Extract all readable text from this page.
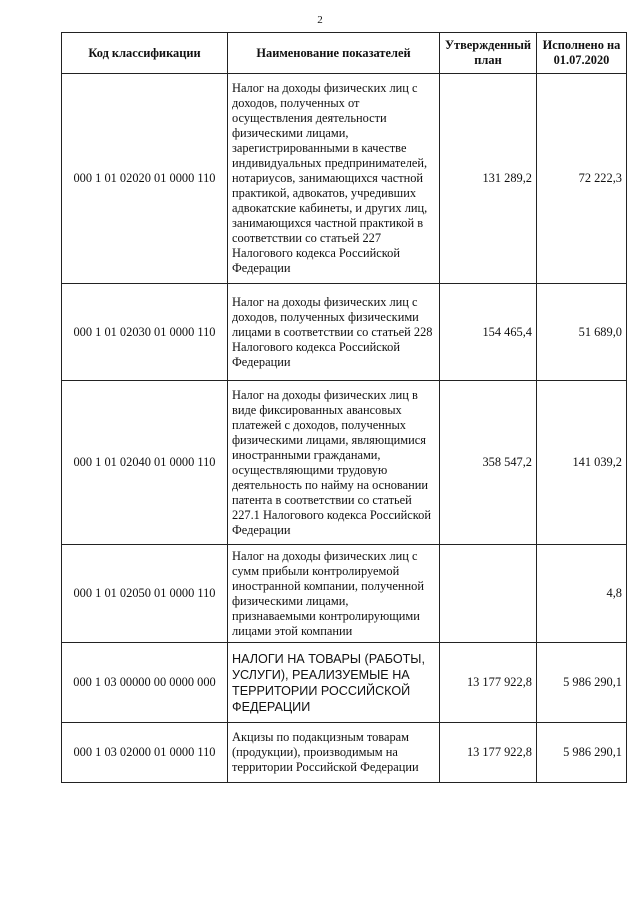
2
Код классификации	Наименование показателей	Утвержденный план	Исполнено на 01.07.2020
000 1 01 02020 01 0000 110	Налог на доходы физических лиц с доходов, полученных от осуществления деятельности физическими лицами, зарегистрированными в качестве индивидуальных предпринимателей, нотариусов, занимающихся частной практикой, адвокатов, учредивших адвокатские кабинеты, и других лиц, занимающихся частной практикой в соответствии со статьей 227 Налогового кодекса Российской Федерации	131 289,2	72 222,3
000 1 01 02030 01 0000 110	Налог на доходы физических лиц с доходов, полученных физическими лицами в соответствии со статьей 228 Налогового кодекса Российской Федерации	154 465,4	51 689,0
000 1 01 02040 01 0000 110	Налог на доходы физических лиц в виде фиксированных авансовых платежей с доходов, полученных физическими лицами, являющимися иностранными гражданами, осуществляющими трудовую деятельность по найму на основании патента в соответствии со статьей 227.1 Налогового кодекса Российской Федерации	358 547,2	141 039,2
000 1 01 02050 01 0000 110	Налог на доходы физических лиц с сумм прибыли контролируемой иностранной компании, полученной физическими лицами, признаваемыми контролирующими лицами этой компании		4,8
000 1 03 00000 00 0000 000	НАЛОГИ НА ТОВАРЫ (РАБОТЫ, УСЛУГИ), РЕАЛИЗУЕМЫЕ НА ТЕРРИТОРИИ РОССИЙСКОЙ ФЕДЕРАЦИИ	13 177 922,8	5 986 290,1
000 1 03 02000 01 0000 110	Акцизы по подакцизным товарам (продукции), производимым на территории Российской Федерации	13 177 922,8	5 986 290,1
